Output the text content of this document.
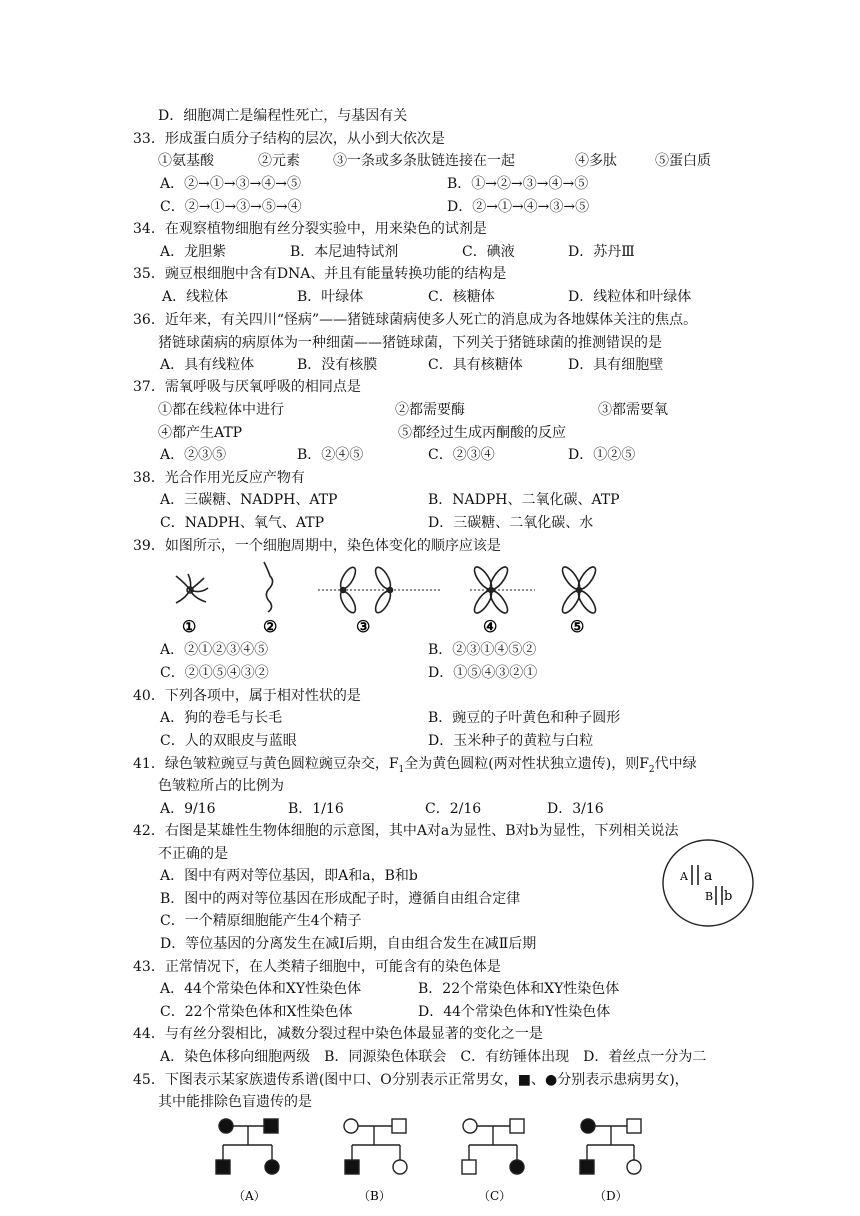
D．细胞凋亡是编程性死亡，与基因有关
33．形成蛋白质分子结构的层次，从小到大依次是
①氨基酸	②元素 ③一条或多条肽链连接在一起	④多肽	⑤蛋白质
A．②→①→③→④→⑤	B．①→②→③→④→⑤
C．②→①→③→⑤→④	D．②→①→④→③→⑤
34．在观察植物细胞有丝分裂实验中，用来染色的试剂是
A．龙胆紫	B．本尼迪特试剂	C．碘液	D．苏丹Ⅲ
35．豌豆根细胞中含有DNA、并且有能量转换功能的结构是
A．线粒体	B．叶绿体	C．核糖体	D．线粒体和叶绿体
36．近年来，有关四川“怪病”——猪链球菌病使多人死亡的消息成为各地媒体关注的焦点。
猪链球菌病的病原体为一种细菌——猪链球菌，下列关于猪链球菌的推测错误的是
A．具有线粒体	B．没有核膜	C．具有核糖体	D．具有细胞壁
37．需氧呼吸与厌氧呼吸的相同点是
①都在线粒体中进行	②都需要酶	③都需要氧
④都产生ATP	⑤都经过生成丙酮酸的反应
A．②③⑤	B．②④⑤	C．②③④	D．①②⑤
38．光合作用光反应产物有
A．三碳糖、NADPH、ATP	B．NADPH、二氧化碳、ATP
C．NADPH、氧气、ATP	D．三碳糖、二氧化碳、水
39．如图所示，一个细胞周期中，染色体变化的顺序应该是
①	②	③	④	⑤
A．②①②③④⑤	B．②③①④⑤②
C．②①⑤④③②	D．①⑤④③②①
40．下列各项中，属于相对性状的是
A．狗的卷毛与长毛	B．豌豆的子叶黄色和种子圆形
C．人的双眼皮与蓝眼	D．玉米种子的黄粒与白粒
41．绿色皱粒豌豆与黄色圆粒豌豆杂交，$F_1$全为黄色圆粒(两对性状独立遗传)，则$F_2$代中绿
色皱粒所占的比例为
A．9/16	B．1/16	C．2/16	D．3/16
42．右图是某雄性生物体细胞的示意图，其中A对a为显性、B对b为显性，下列相关说法
不正确的是
A．图中有两对等位基因，即A和a，B和b
B．图中的两对等位基因在形成配子时，遵循自由组合定律
C．一个精原细胞能产生4个精子
D．等位基因的分离发生在减Ⅰ后期，自由组合发生在减Ⅱ后期
A a
B b
43．正常情况下，在人类精子细胞中，可能含有的染色体是
A．44个常染色体和XY性染色体	B．22个常染色体和XY性染色体
C．22个常染色体和X性染色体	D．44个常染色体和Y性染色体
44．与有丝分裂相比，减数分裂过程中染色体最显著的变化之一是
A．染色体移向细胞两级　B．同源染色体联会　C．有纺锤体出现　D．着丝点一分为二
45．下图表示某家族遗传系谱(图中口、O分别表示正常男女，■、●分别表示患病男女)，
其中能排除色盲遗传的是
（A）	（B）	（C）	（D）
